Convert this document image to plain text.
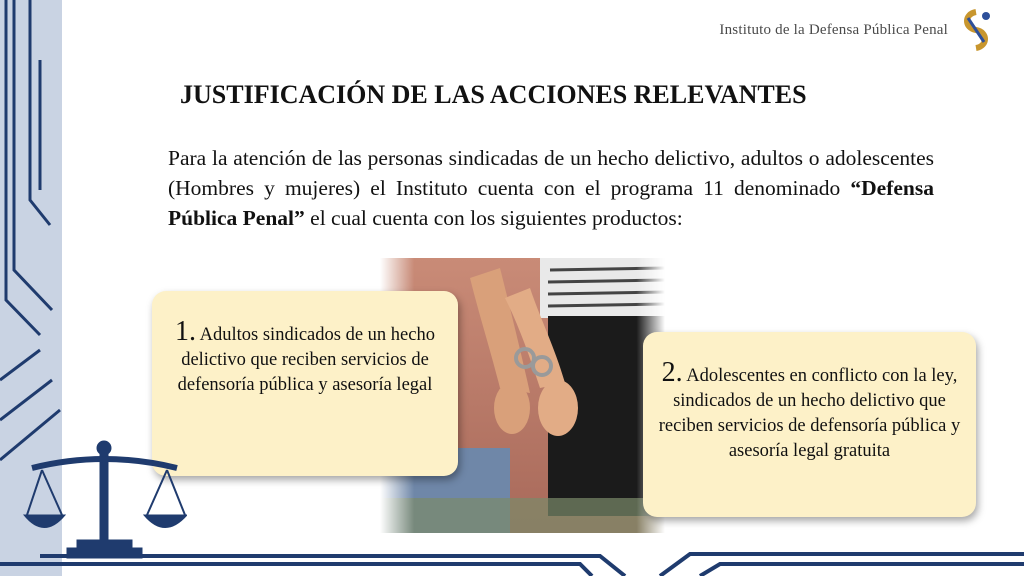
Instituto de la Defensa Pública Penal
JUSTIFICACIÓN DE LAS ACCIONES RELEVANTES

Para la atención de las personas sindicadas de un hecho delictivo, adultos o adolescentes (Hombres y mujeres) el Instituto cuenta con el programa 11 denominado “Defensa Pública Penal” el cual cuenta con los siguientes productos:

1. Adultos sindicados de un hecho delictivo que reciben servicios de defensoría pública y asesoría legal	2. Adolescentes en conflicto con la ley, sindicados de un hecho delictivo que reciben servicios de defensoría pública y asesoría legal gratuita
